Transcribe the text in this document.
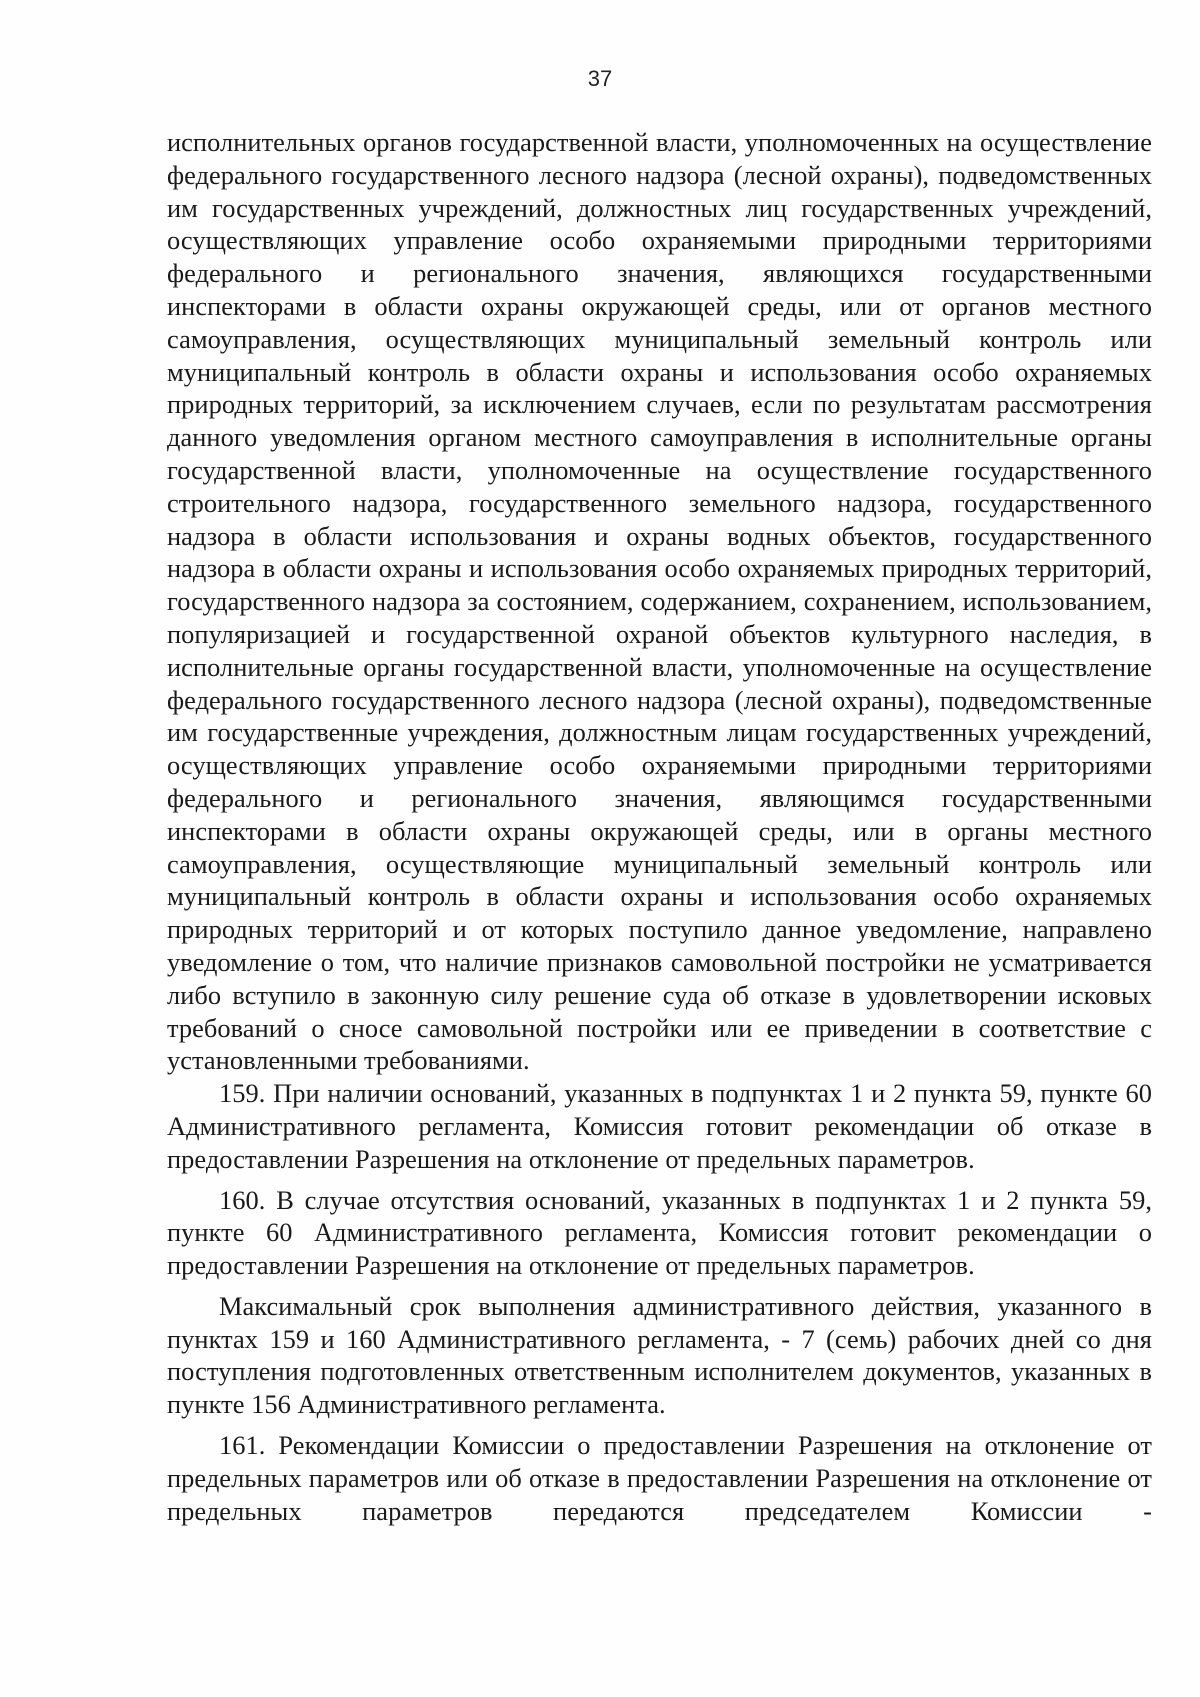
37

исполнительных органов государственной власти, уполномоченных на осуществление федерального государственного лесного надзора (лесной охраны), подведомственных им государственных учреждений, должностных лиц государственных учреждений, осуществляющих управление особо охраняемыми природными территориями федерального и регионального значения, являющихся государственными инспекторами в области охраны окружающей среды, или от органов местного самоуправления, осуществляющих муниципальный земельный контроль или муниципальный контроль в области охраны и использования особо охраняемых природных территорий, за исключением случаев, если по результатам рассмотрения данного уведомления органом местного самоуправления в исполнительные органы государственной власти, уполномоченные на осуществление государственного строительного надзора, государственного земельного надзора, государственного надзора в области использования и охраны водных объектов, государственного надзора в области охраны и использования особо охраняемых природных территорий, государственного надзора за состоянием, содержанием, сохранением, использованием, популяризацией и государственной охраной объектов культурного наследия, в исполнительные органы государственной власти, уполномоченные на осуществление федерального государственного лесного надзора (лесной охраны), подведомственные им государственные учреждения, должностным лицам государственных учреждений, осуществляющих управление особо охраняемыми природными территориями федерального и регионального значения, являющимся государственными инспекторами в области охраны окружающей среды, или в органы местного самоуправления, осуществляющие муниципальный земельный контроль или муниципальный контроль в области охраны и использования особо охраняемых природных территорий и от которых поступило данное уведомление, направлено уведомление о том, что наличие признаков самовольной постройки не усматривается либо вступило в законную силу решение суда об отказе в удовлетворении исковых требований о сносе самовольной постройки или ее приведении в соответствие с установленными требованиями.

159. При наличии оснований, указанных в подпунктах 1 и 2 пункта 59, пункте 60 Административного регламента, Комиссия готовит рекомендации об отказе в предоставлении Разрешения на отклонение от предельных параметров.

160. В случае отсутствия оснований, указанных в подпунктах 1 и 2 пункта 59, пункте 60 Административного регламента, Комиссия готовит рекомендации о предоставлении Разрешения на отклонение от предельных параметров.

Максимальный срок выполнения административного действия, указанного в пунктах 159 и 160 Административного регламента, - 7 (семь) рабочих дней со дня поступления подготовленных ответственным исполнителем документов, указанных в пункте 156 Административного регламента.

161. Рекомендации Комиссии о предоставлении Разрешения на отклонение от предельных параметров или об отказе в предоставлении Разрешения на отклонение от предельных параметров передаются председателем Комиссии -
